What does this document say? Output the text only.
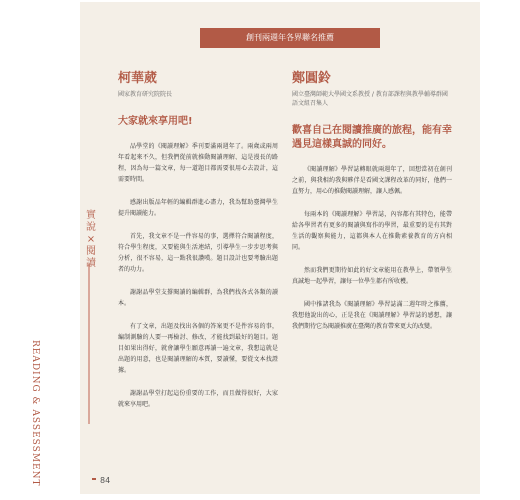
創刊兩週年各界聯名推薦
實
說
×
閱
讀
READING & ASSESSMENT
柯華葳
國家教育研究院院長
大家就來享用吧!
品學堂的《閱讀理解》季刊要滿兩週年了。兩歲或兩周年看起來不久，但我們從前就推動閱讀理解、這是漫長的路程，因為每一篇文章，每一道題目都需要很用心去設計，這需要時間。
感謝出版品年輕的編輯群進心盡力，我為幫助臺灣學生提升閱讀能力。
首先，我文章不是一件容易的事，選擇符合閱讀程度，符合學生程度，又要能與生活連結，引導學生一步步思考與分析，很不容易，這一點我很讚嘆。題目設計也要考驗出題者的功力。
謝謝品學堂支撐閱讀的編輯群，為我們找各式各類的讀本。
有了文章，出題及找出各個的答案更不是件容易的事，編制測驗的人要一再檢討、修改，才能找到最好的題目。題目如果出得好，就會讓學生願意再讀一遍文章，我想這就是出題的用意，也是閱讀理解的本質，要讀懂，要從文本找證據。
謝謝品學堂打起這份重要的工作，而且做得很好，大家就來享用吧。
鄭圓鈴
國立臺灣師範大學國文系教授 / 教育部課程與教學輔導群國語文組召集人
歡喜自己在閱讀推廣的旅程，能有幸遇見這樣真誠的同好。
《閱讀理解》學習誌轉眼就兩週年了，回想當初在創刊之前，與我相約我與夥伴是看國文課程改革的同好，他們一直努力，用心的推動閱讀理解，讓人感佩。
每兩本的《閱讀理解》學習誌，內容都有其特色，能帶給各學習者有更多的閱讀與寫作的學習，最重要的是有其對生活的觀察與能力，這都與本人在推動素養教育的方向相同。
然而我們更期待如此的好文章能用在教學上，帶領學生真誠地一起學習，讓每一位學生都有所收穫。
國中推諸我為《閱讀理解》學習誌滿二週年時之推薦，我想他說出的心，正是我在《閱讀理解》學習誌的感想，讓我們期待它為閱讀推廣在臺灣的教育帶來更大的改變。
84
